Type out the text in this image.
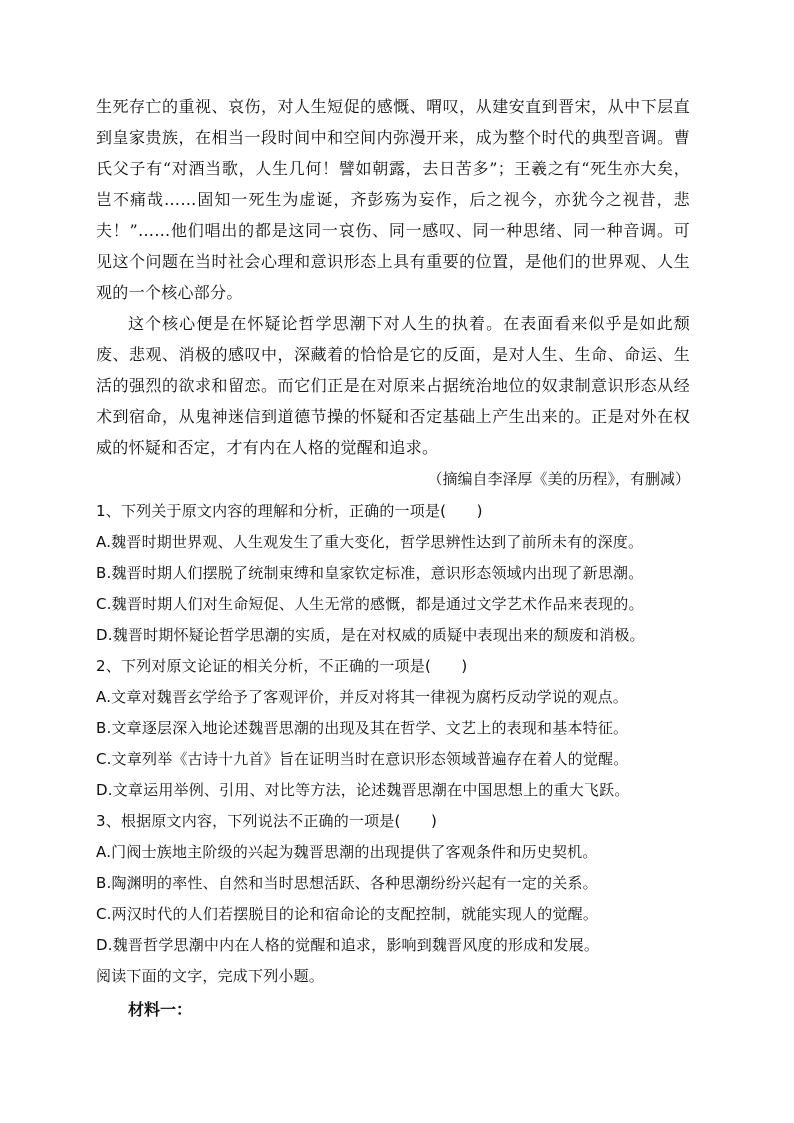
生死存亡的重视、哀伤，对人生短促的感慨、喟叹，从建安直到晋宋，从中下层直到皇家贵族，在相当一段时间中和空间内弥漫开来，成为整个时代的典型音调。曹氏父子有“对酒当歌，人生几何！譬如朝露，去日苦多”；王羲之有“死生亦大矣，岂不痛哉……固知一死生为虚诞，齐彭殇为妄作，后之视今，亦犹今之视昔，悲夫！”……他们唱出的都是这同一哀伤、同一感叹、同一种思绪、同一种音调。可见这个问题在当时社会心理和意识形态上具有重要的位置，是他们的世界观、人生观的一个核心部分。

这个核心便是在怀疑论哲学思潮下对人生的执着。在表面看来似乎是如此颓废、悲观、消极的感叹中，深藏着的恰恰是它的反面，是对人生、生命、命运、生活的强烈的欲求和留恋。而它们正是在对原来占据统治地位的奴隶制意识形态从经术到宿命，从鬼神迷信到道德节操的怀疑和否定基础上产生出来的。正是对外在权威的怀疑和否定，才有内在人格的觉醒和追求。

（摘编自李泽厚《美的历程》，有删减）
1、下列关于原文内容的理解和分析，正确的一项是(　　)
A.魏晋时期世界观、人生观发生了重大变化，哲学思辨性达到了前所未有的深度。
B.魏晋时期人们摆脱了统制束缚和皇家钦定标准，意识形态领域内出现了新思潮。
C.魏晋时期人们对生命短促、人生无常的感慨，都是通过文学艺术作品来表现的。
D.魏晋时期怀疑论哲学思潮的实质，是在对权威的质疑中表现出来的颓废和消极。
2、下列对原文论证的相关分析，不正确的一项是(　　)
A.文章对魏晋玄学给予了客观评价，并反对将其一律视为腐朽反动学说的观点。
B.文章逐层深入地论述魏晋思潮的出现及其在哲学、文艺上的表现和基本特征。
C.文章列举《古诗十九首》旨在证明当时在意识形态领域普遍存在着人的觉醒。
D.文章运用举例、引用、对比等方法，论述魏晋思潮在中国思想上的重大飞跃。
3、根据原文内容，下列说法不正确的一项是(　　)
A.门阀士族地主阶级的兴起为魏晋思潮的出现提供了客观条件和历史契机。
B.陶渊明的率性、自然和当时思想活跃、各种思潮纷纷兴起有一定的关系。
C.两汉时代的人们若摆脱目的论和宿命论的支配控制，就能实现人的觉醒。
D.魏晋哲学思潮中内在人格的觉醒和追求，影响到魏晋风度的形成和发展。
阅读下面的文字，完成下列小题。
材料一：
